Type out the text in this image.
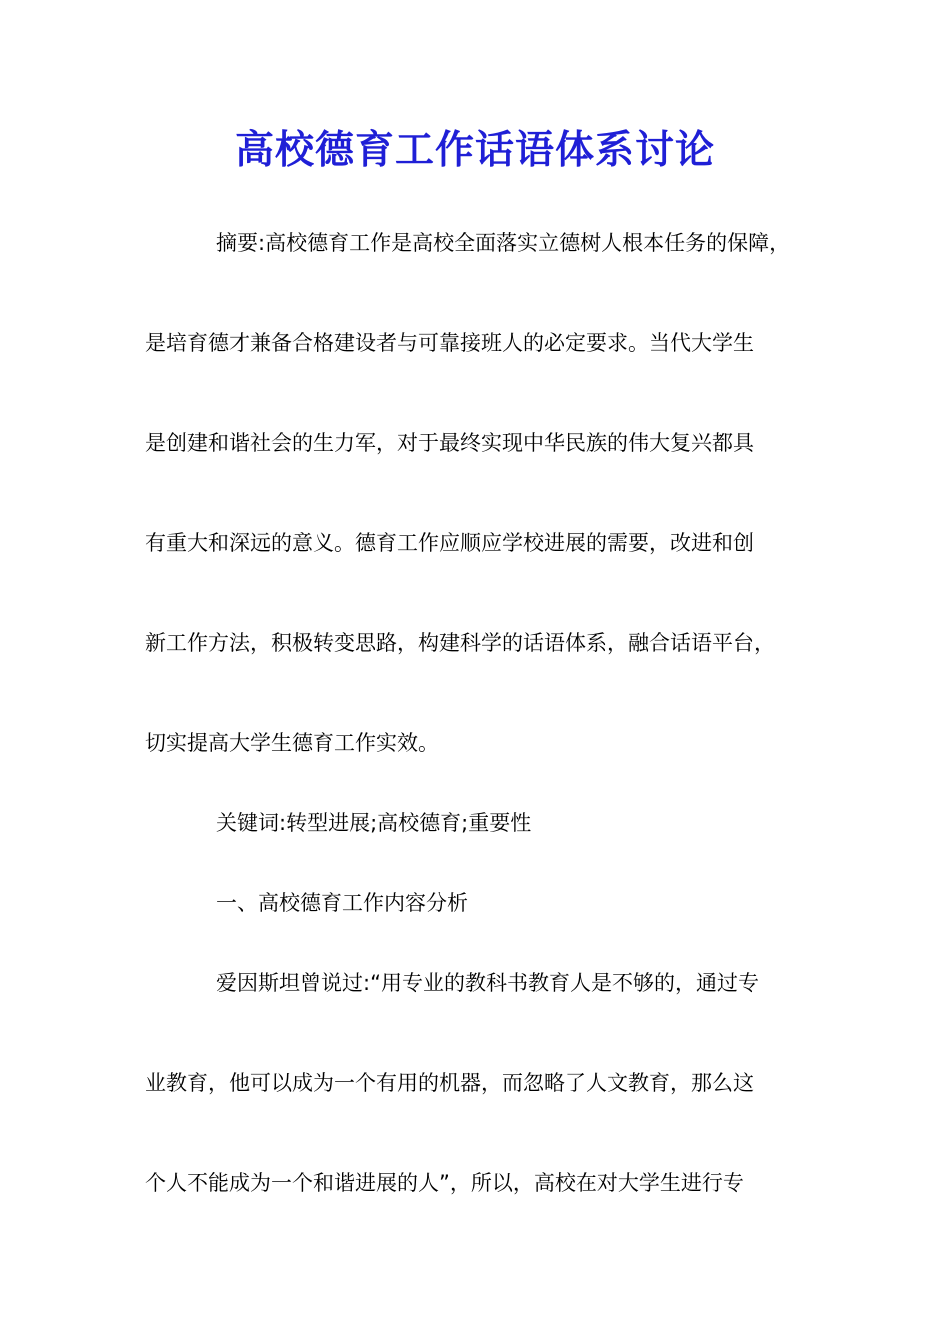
高校德育工作话语体系讨论
摘要:高校德育工作是高校全面落实立德树人根本任务的保障，
是培育德才兼备合格建设者与可靠接班人的必定要求。当代大学生
是创建和谐社会的生力军，对于最终实现中华民族的伟大复兴都具
有重大和深远的意义。德育工作应顺应学校进展的需要，改进和创
新工作方法，积极转变思路，构建科学的话语体系，融合话语平台，
切实提高大学生德育工作实效。
关键词:转型进展;高校德育;重要性
一、高校德育工作内容分析
爱因斯坦曾说过:“用专业的教科书教育人是不够的，通过专
业教育，他可以成为一个有用的机器，而忽略了人文教育，那么这
个人不能成为一个和谐进展的人”，所以，高校在对大学生进行专
